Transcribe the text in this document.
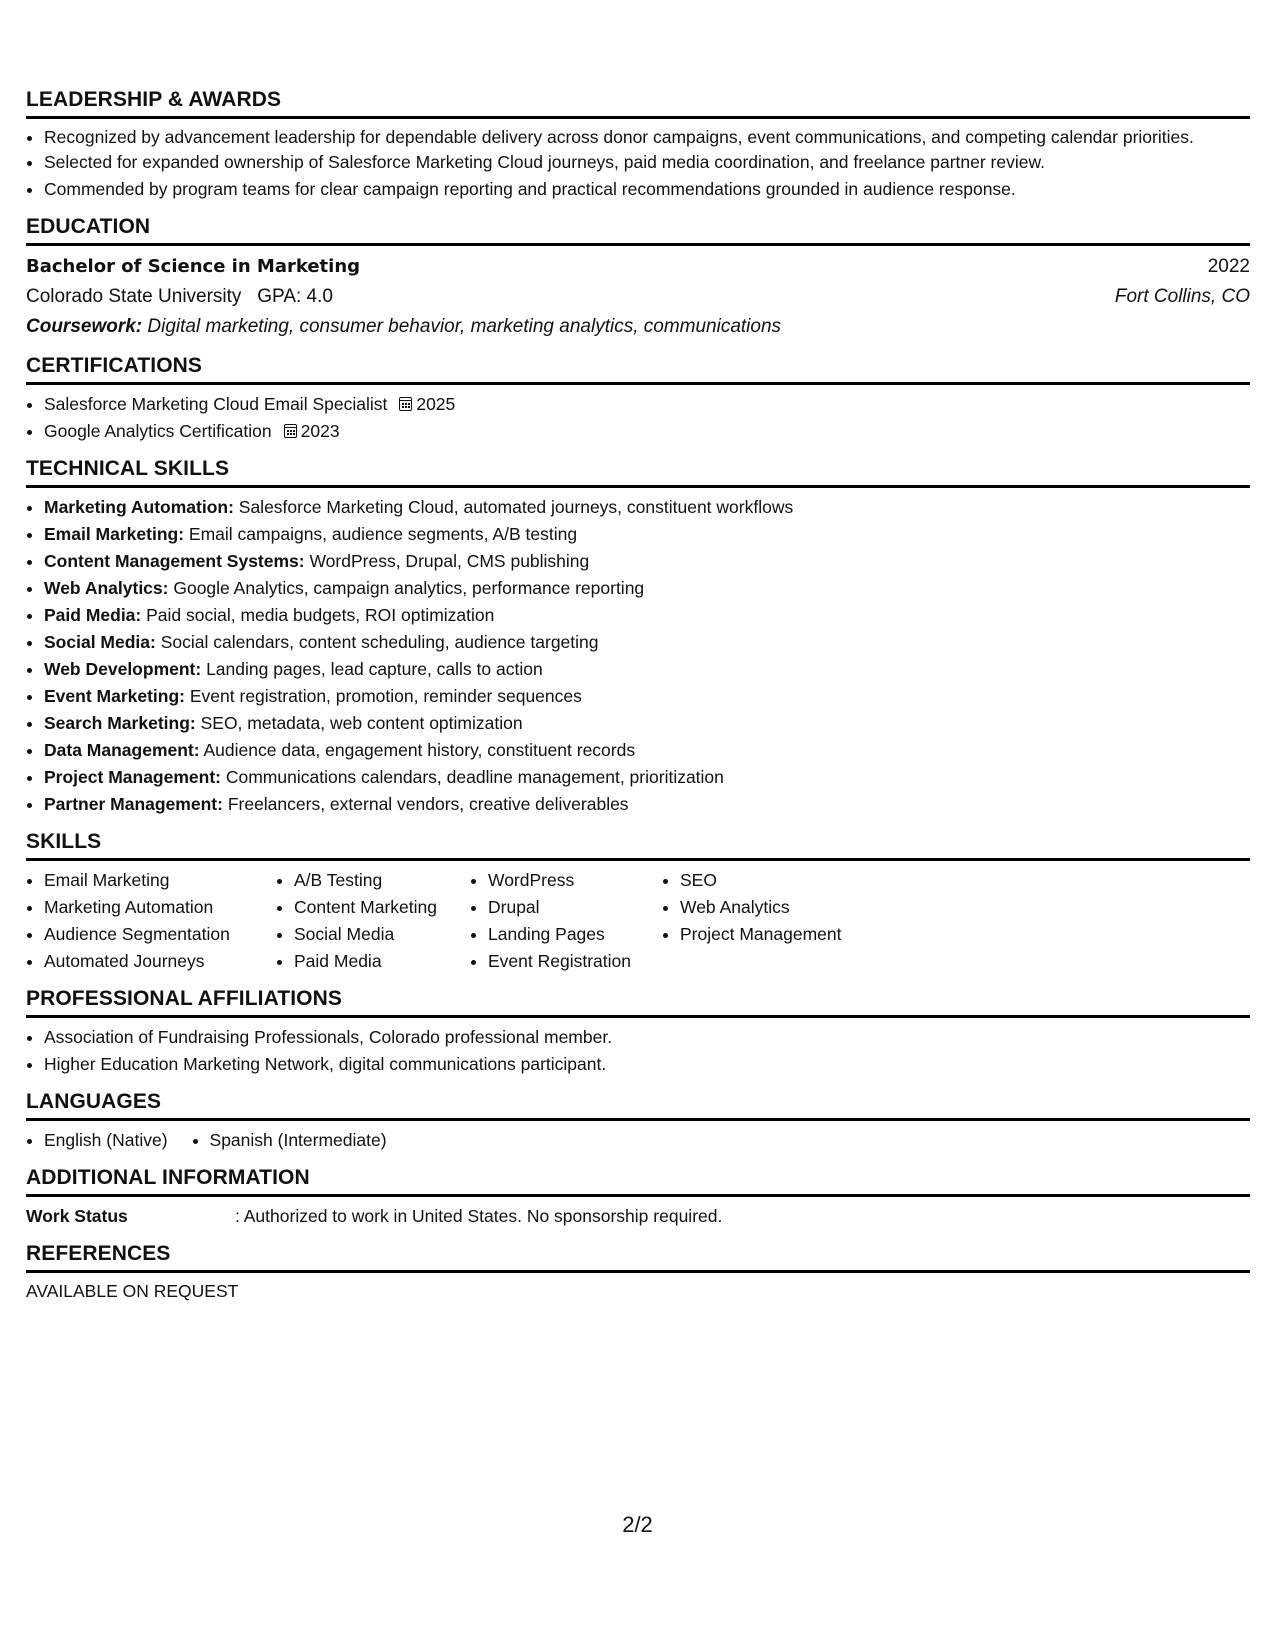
LEADERSHIP & AWARDS
• Recognized by advancement leadership for dependable delivery across donor campaigns, event communications, and competing calendar priorities.
• Selected for expanded ownership of Salesforce Marketing Cloud journeys, paid media coordination, and freelance partner review.
• Commended by program teams for clear campaign reporting and practical recommendations grounded in audience response.
EDUCATION
Bachelor of Science in Marketing	2022
Colorado State University GPA: 4.0	Fort Collins, CO
Coursework: Digital marketing, consumer behavior, marketing analytics, communications
CERTIFICATIONS
• Salesforce Marketing Cloud Email Specialist 2025
• Google Analytics Certification 2023
TECHNICAL SKILLS
• Marketing Automation: Salesforce Marketing Cloud, automated journeys, constituent workflows
• Email Marketing: Email campaigns, audience segments, A/B testing
• Content Management Systems: WordPress, Drupal, CMS publishing
• Web Analytics: Google Analytics, campaign analytics, performance reporting
• Paid Media: Paid social, media budgets, ROI optimization
• Social Media: Social calendars, content scheduling, audience targeting
• Web Development: Landing pages, lead capture, calls to action
• Event Marketing: Event registration, promotion, reminder sequences
• Search Marketing: SEO, metadata, web content optimization
• Data Management: Audience data, engagement history, constituent records
• Project Management: Communications calendars, deadline management, prioritization
• Partner Management: Freelancers, external vendors, creative deliverables
SKILLS
• Email Marketing
• Marketing Automation
• Audience Segmentation
• Automated Journeys
• A/B Testing
• Content Marketing
• Social Media
• Paid Media
• WordPress
• Drupal
• Landing Pages
• Event Registration
• SEO
• Web Analytics
• Project Management
PROFESSIONAL AFFILIATIONS
• Association of Fundraising Professionals, Colorado professional member.
• Higher Education Marketing Network, digital communications participant.
LANGUAGES
• English (Native)
• Spanish (Intermediate)
ADDITIONAL INFORMATION
Work Status	: Authorized to work in United States. No sponsorship required.
REFERENCES
AVAILABLE ON REQUEST
2/2
